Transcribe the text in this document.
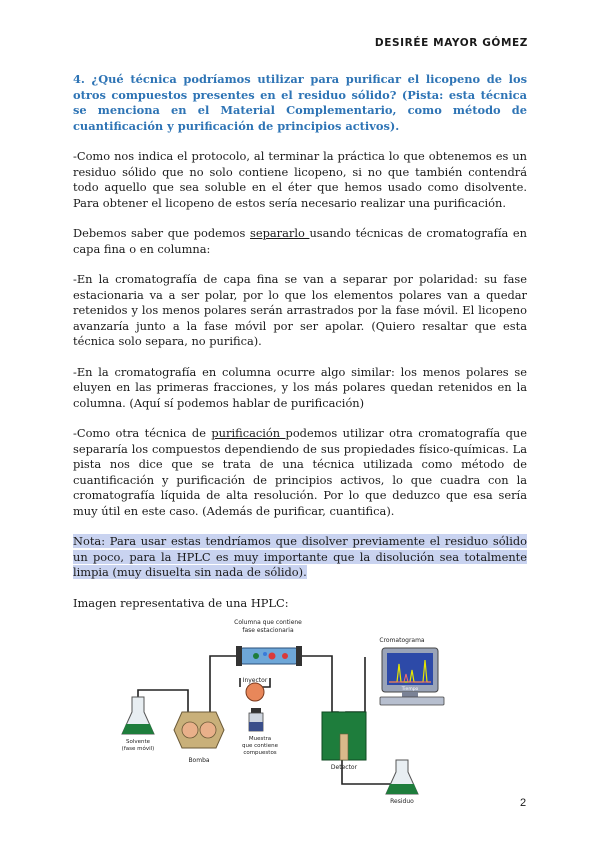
DESIRÉE MAYOR GÓMEZ

4. ¿Qué técnica podríamos utilizar para purificar el licopeno de los otros compuestos presentes en el residuo sólido? (Pista: esta técnica se menciona en el Material Complementario, como método de cuantificación y purificación de principios activos).

-Como nos indica el protocolo, al terminar la práctica lo que obtenemos es un residuo sólido que no solo contiene licopeno, si no que también contendrá todo aquello que sea soluble en el éter que hemos usado como disolvente. Para obtener el licopeno de estos sería necesario realizar una purificación.

Debemos saber que podemos separarlo usando técnicas de cromatografía en capa fina o en columna:

-En la cromatografía de capa fina se van a separar por polaridad: su fase estacionaria va a ser polar, por lo que los elementos polares van a quedar retenidos y los menos polares serán arrastrados por la fase móvil. El licopeno avanzaría junto a la fase móvil por ser apolar. (Quiero resaltar que esta técnica solo separa, no purifica).

-En la cromatografía en columna ocurre algo similar: los menos polares se eluyen en las primeras fracciones, y los más polares quedan retenidos en la columna. (Aquí sí podemos hablar de purificación)

-Como otra técnica de purificación podemos utilizar otra cromatografía que separaría los compuestos dependiendo de sus propiedades físico-químicas. La pista nos dice que se trata de una técnica utilizada como método de cuantificación y purificación de principios activos, lo que cuadra con la cromatografía líquida de alta resolución. Por lo que deduzco que esa sería muy útil en este caso. (Además de purificar, cuantifica).

Nota: Para usar estas tendríamos que disolver previamente el residuo sólido un poco, para la HPLC es muy importante que la disolución sea totalmente limpia (muy disuelta sin nada de sólido).

Imagen representativa de una HPLC:

Columna que contiene
fase estacionaria
Cromatograma
Tiempo
Solvente
(fase móvil)
Bomba
Inyector
Muestra
que contiene
compuestos
Detector
Residuo	2
